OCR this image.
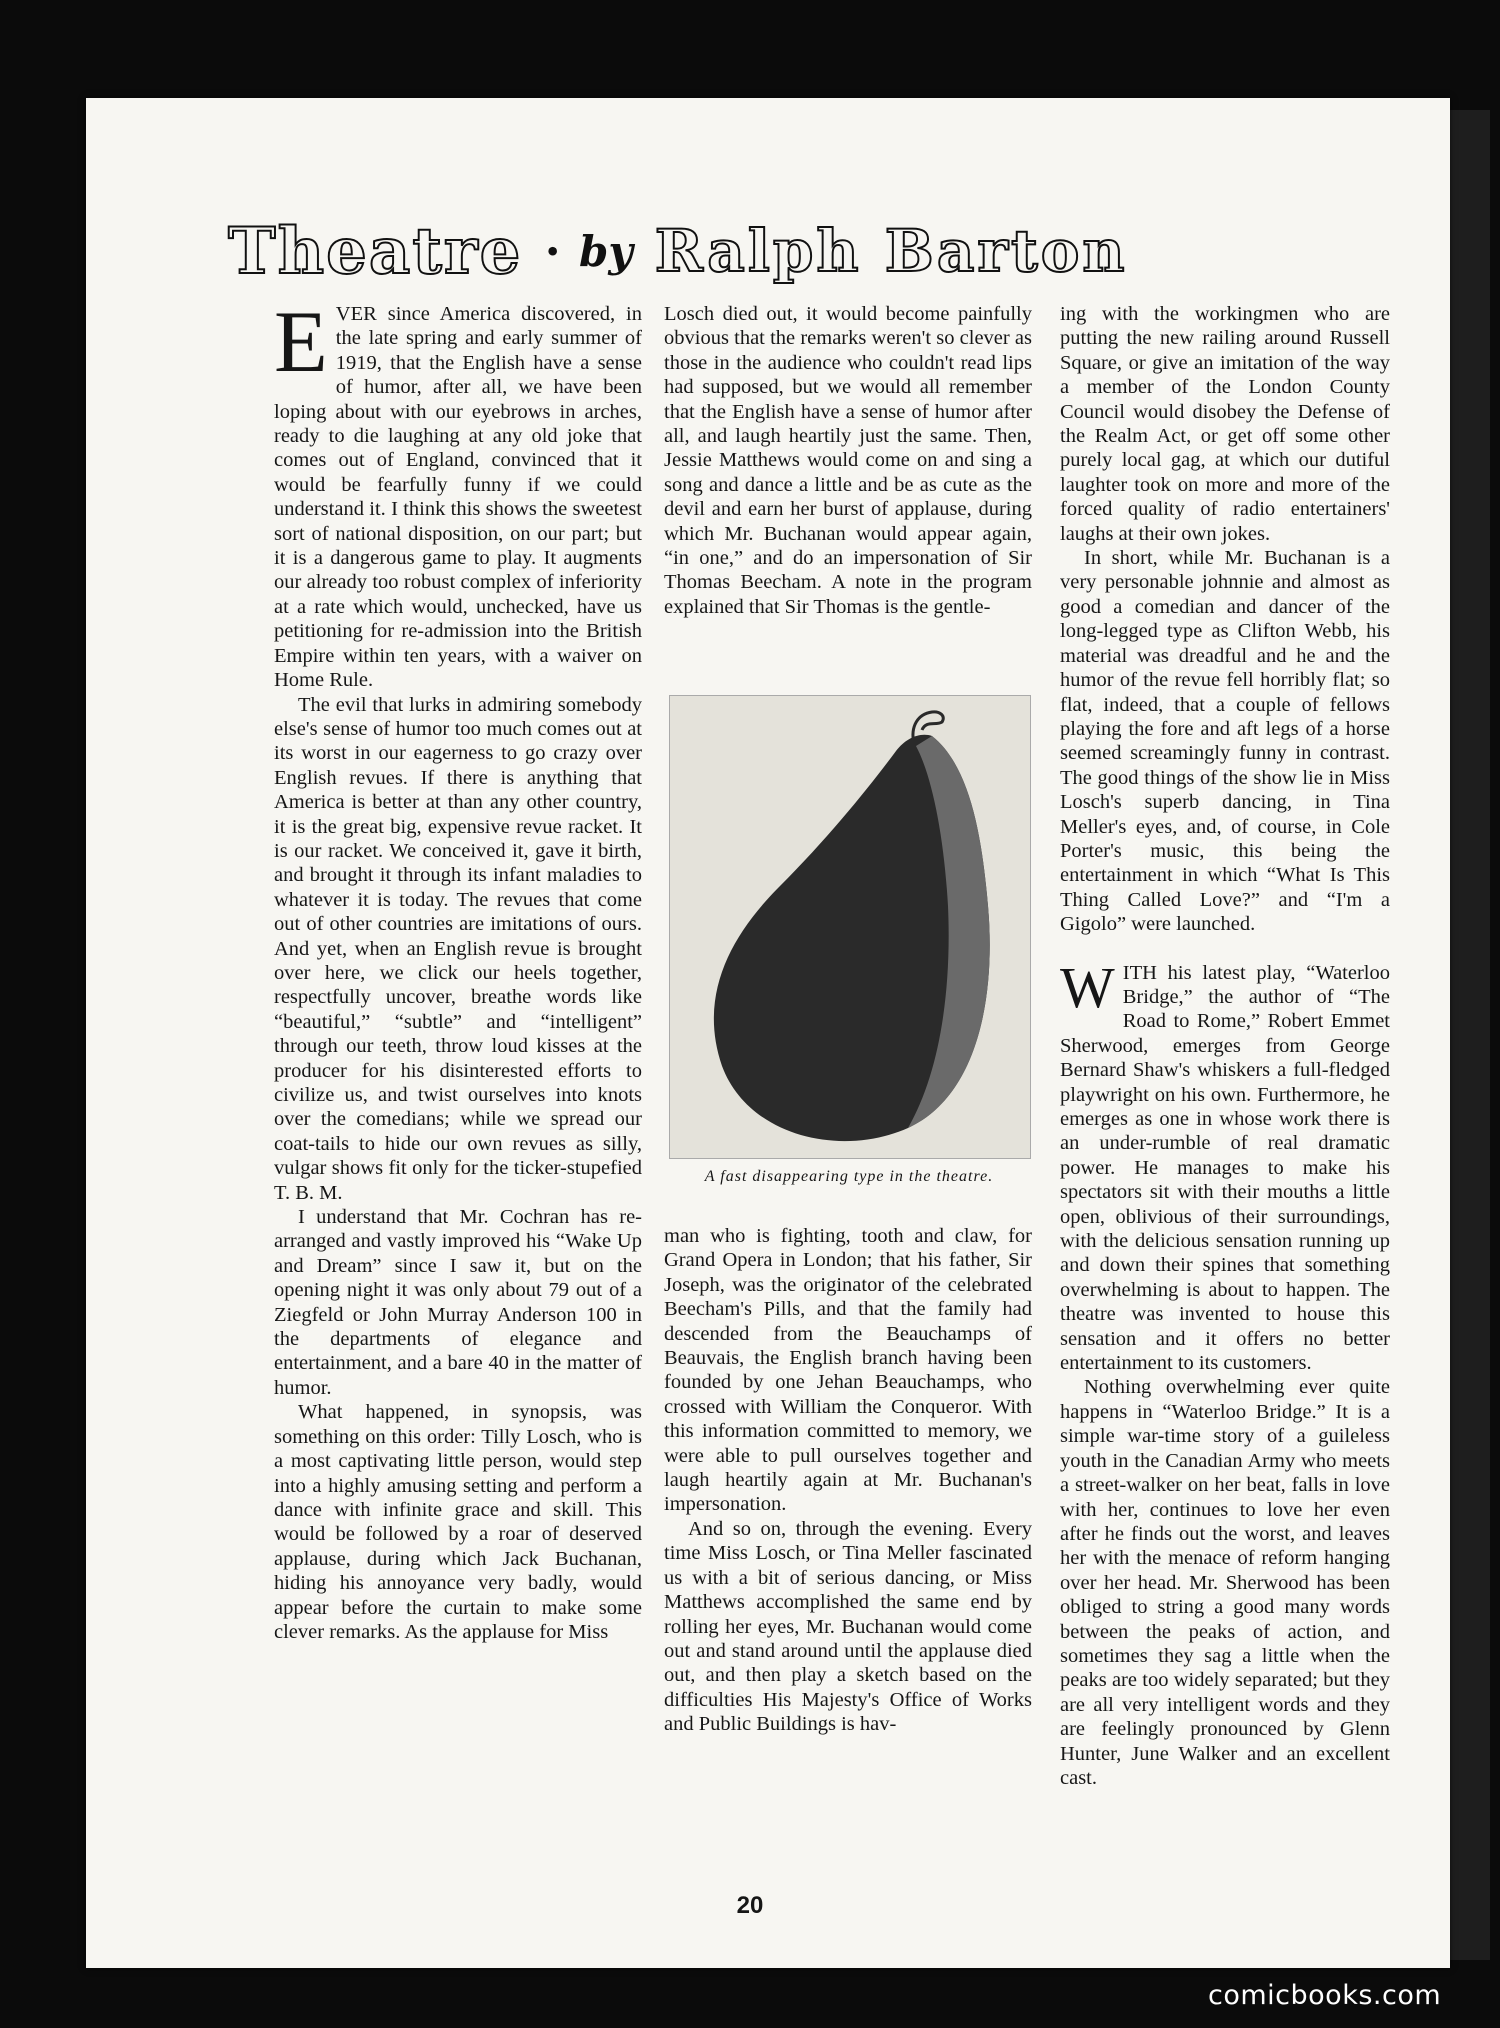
Theatre • by Ralph Barton

EVER since America discovered, in the late spring and early summer of 1919, that the English have a sense of humor, after all, we have been loping about with our eyebrows in arches, ready to die laughing at any old joke that comes out of England, convinced that it would be fearfully funny if we could understand it. I think this shows the sweetest sort of national disposition, on our part; but it is a dangerous game to play. It augments our already too robust complex of inferiority at a rate which would, unchecked, have us petitioning for re-admission into the British Empire within ten years, with a waiver on Home Rule.

The evil that lurks in admiring somebody else's sense of humor too much comes out at its worst in our eagerness to go crazy over English revues. If there is anything that America is better at than any other country, it is the great big, expensive revue racket. It is our racket. We conceived it, gave it birth, and brought it through its infant maladies to whatever it is today. The revues that come out of other countries are imitations of ours. And yet, when an English revue is brought over here, we click our heels together, respectfully uncover, breathe words like “beautiful,” “subtle” and “intelligent” through our teeth, throw loud kisses at the producer for his disinterested efforts to civilize us, and twist ourselves into knots over the comedians; while we spread our coat-tails to hide our own revues as silly, vulgar shows fit only for the ticker-stupefied T. B. M.

I understand that Mr. Cochran has re-arranged and vastly improved his “Wake Up and Dream” since I saw it, but on the opening night it was only about 79 out of a Ziegfeld or John Murray Anderson 100 in the departments of elegance and entertainment, and a bare 40 in the matter of humor.

What happened, in synopsis, was something on this order: Tilly Losch, who is a most captivating little person, would step into a highly amusing setting and perform a dance with infinite grace and skill. This would be followed by a roar of deserved applause, during which Jack Buchanan, hiding his annoyance very badly, would appear before the curtain to make some clever remarks. As the applause for Miss

Losch died out, it would become painfully obvious that the remarks weren't so clever as those in the audience who couldn't read lips had supposed, but we would all remember that the English have a sense of humor after all, and laugh heartily just the same. Then, Jessie Matthews would come on and sing a song and dance a little and be as cute as the devil and earn her burst of applause, during which Mr. Buchanan would appear again, “in one,” and do an impersonation of Sir Thomas Beecham. A note in the program explained that Sir Thomas is the gentle-

A fast disappearing type in the theatre.

man who is fighting, tooth and claw, for Grand Opera in London; that his father, Sir Joseph, was the originator of the celebrated Beecham's Pills, and that the family had descended from the Beauchamps of Beauvais, the English branch having been founded by one Jehan Beauchamps, who crossed with William the Conqueror. With this information committed to memory, we were able to pull ourselves together and laugh heartily again at Mr. Buchanan's impersonation.

And so on, through the evening. Every time Miss Losch, or Tina Meller fascinated us with a bit of serious dancing, or Miss Matthews accomplished the same end by rolling her eyes, Mr. Buchanan would come out and stand around until the applause died out, and then play a sketch based on the difficulties His Majesty's Office of Works and Public Buildings is hav-

ing with the workingmen who are putting the new railing around Russell Square, or give an imitation of the way a member of the London County Council would disobey the Defense of the Realm Act, or get off some other purely local gag, at which our dutiful laughter took on more and more of the forced quality of radio entertainers' laughs at their own jokes.

In short, while Mr. Buchanan is a very personable johnnie and almost as good a comedian and dancer of the long-legged type as Clifton Webb, his material was dreadful and he and the humor of the revue fell horribly flat; so flat, indeed, that a couple of fellows playing the fore and aft legs of a horse seemed screamingly funny in contrast. The good things of the show lie in Miss Losch's superb dancing, in Tina Meller's eyes, and, of course, in Cole Porter's music, this being the entertainment in which “What Is This Thing Called Love?” and “I'm a Gigolo” were launched.

WITH his latest play, “Waterloo Bridge,” the author of “The Road to Rome,” Robert Emmet Sherwood, emerges from George Bernard Shaw's whiskers a full-fledged playwright on his own. Furthermore, he emerges as one in whose work there is an under-rumble of real dramatic power. He manages to make his spectators sit with their mouths a little open, oblivious of their surroundings, with the delicious sensation running up and down their spines that something overwhelming is about to happen. The theatre was invented to house this sensation and it offers no better entertainment to its customers.

Nothing overwhelming ever quite happens in “Waterloo Bridge.” It is a simple war-time story of a guileless youth in the Canadian Army who meets a street-walker on her beat, falls in love with her, continues to love her even after he finds out the worst, and leaves her with the menace of reform hanging over her head. Mr. Sherwood has been obliged to string a good many words between the peaks of action, and sometimes they sag a little when the peaks are too widely separated; but they are all very intelligent words and they are feelingly pronounced by Glenn Hunter, June Walker and an excellent cast.

20
comicbooks.com
